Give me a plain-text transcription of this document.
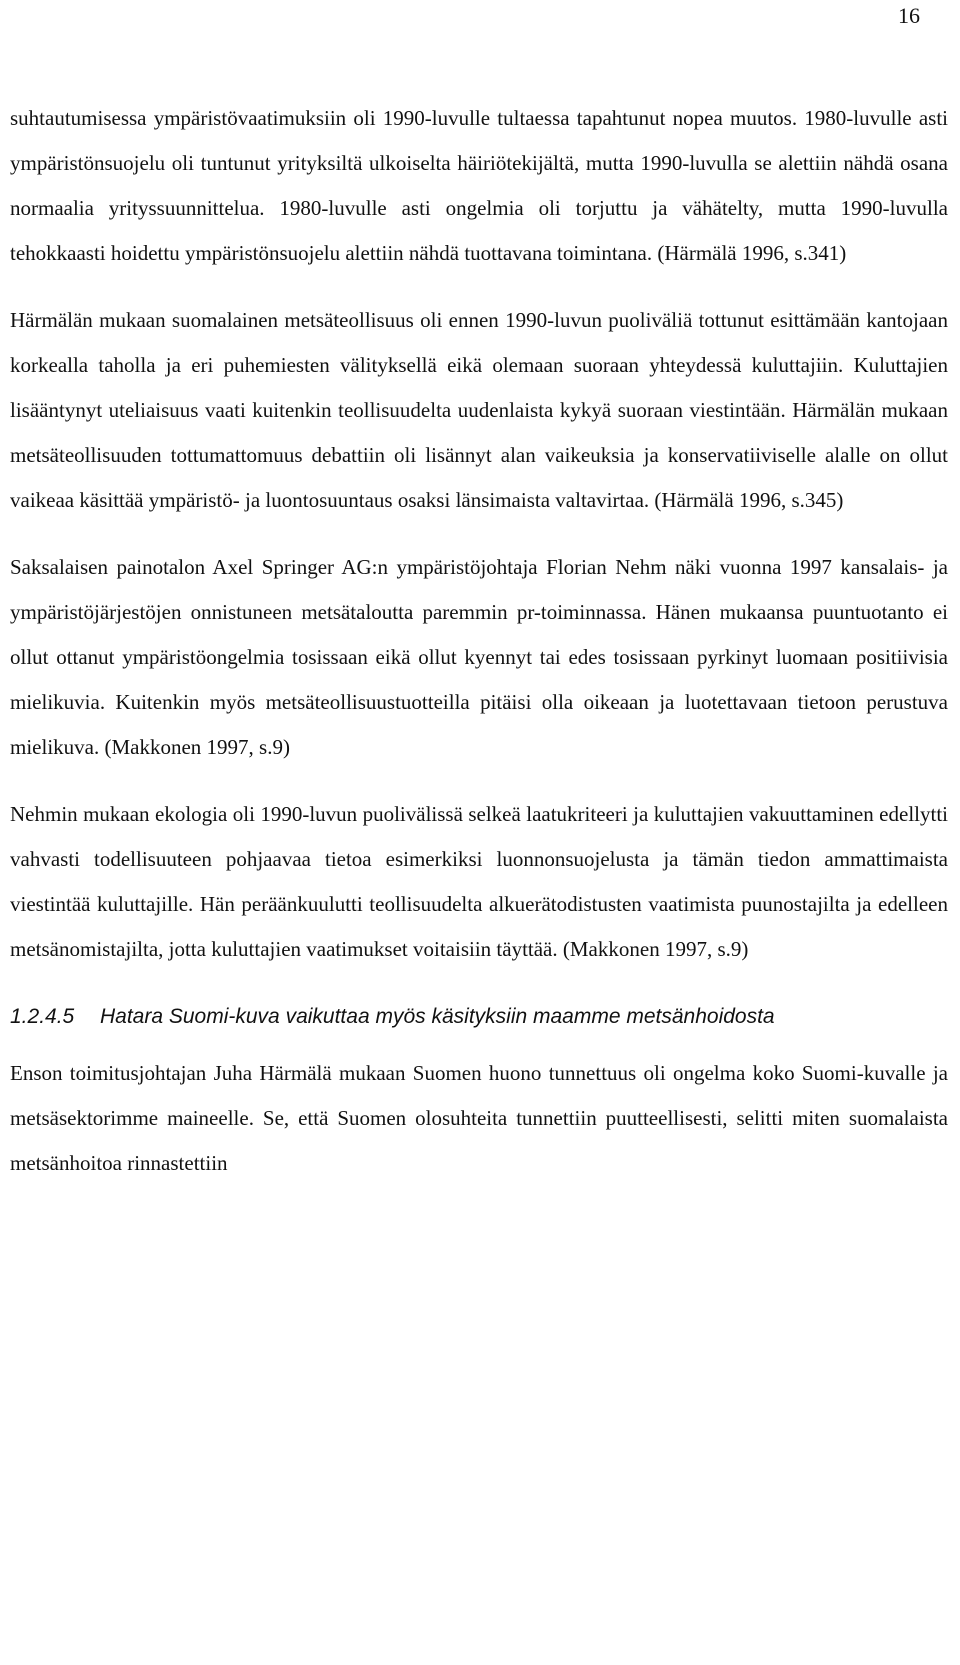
16

suhtautumisessa ympäristövaatimuksiin oli 1990-luvulle tultaessa tapahtunut nopea muutos. 1980-luvulle asti ympäristönsuojelu oli tuntunut yrityksiltä ulkoiselta häiriötekijältä, mutta 1990-luvulla se alettiin nähdä osana normaalia yrityssuunnittelua. 1980-luvulle asti ongelmia oli torjuttu ja vähätelty, mutta 1990-luvulla tehokkaasti hoidettu ympäristönsuojelu alettiin nähdä tuottavana toimintana. (Härmälä 1996, s.341)

Härmälän mukaan suomalainen metsäteollisuus oli ennen 1990-luvun puoliväliä tottunut esittämään kantojaan korkealla taholla ja eri puhemiesten välityksellä eikä olemaan suoraan yhteydessä kuluttajiin. Kuluttajien lisääntynyt uteliaisuus vaati kuitenkin teollisuudelta uudenlaista kykyä suoraan viestintään. Härmälän mukaan metsäteollisuuden tottumattomuus debattiin oli lisännyt alan vaikeuksia ja konservatiiviselle alalle on ollut vaikeaa käsittää ympäristö- ja luontosuuntaus osaksi länsimaista valtavirtaa. (Härmälä 1996, s.345)

Saksalaisen painotalon Axel Springer AG:n ympäristöjohtaja Florian Nehm näki vuonna 1997 kansalais- ja ympäristöjärjestöjen onnistuneen metsätaloutta paremmin pr-toiminnassa. Hänen mukaansa puuntuotanto ei ollut ottanut ympäristöongelmia tosissaan eikä ollut kyennyt tai edes tosissaan pyrkinyt luomaan positiivisia mielikuvia. Kuitenkin myös metsäteollisuustuotteilla pitäisi olla oikeaan ja luotettavaan tietoon perustuva mielikuva. (Makkonen 1997, s.9)

Nehmin mukaan ekologia oli 1990-luvun puolivälissä selkeä laatukriteeri ja kuluttajien vakuuttaminen edellytti vahvasti todellisuuteen pohjaavaa tietoa esimerkiksi luonnonsuojelusta ja tämän tiedon ammattimaista viestintää kuluttajille. Hän peräänkuulutti teollisuudelta alkuerätodistusten vaatimista puunostajilta ja edelleen metsänomistajilta, jotta kuluttajien vaatimukset voitaisiin täyttää. (Makkonen 1997, s.9)

1.2.4.5	Hatara Suomi-kuva vaikuttaa myös käsityksiin maamme metsänhoidosta

Enson toimitusjohtajan Juha Härmälä mukaan Suomen huono tunnettuus oli ongelma koko Suomi-kuvalle ja metsäsektorimme maineelle. Se, että Suomen olosuhteita tunnettiin puutteellisesti, selitti miten suomalaista metsänhoitoa rinnastettiin
